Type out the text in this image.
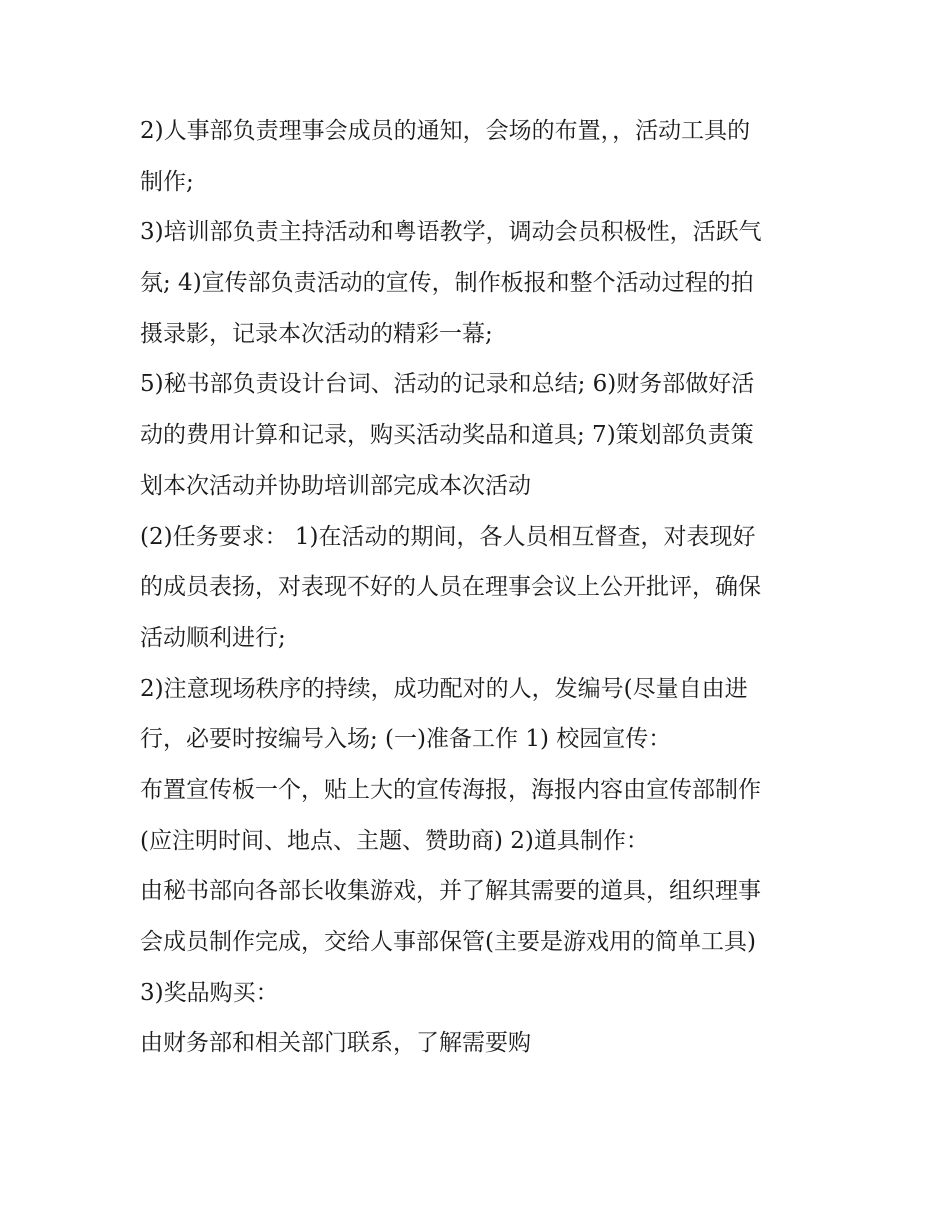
2)人事部负责理事会成员的通知，会场的布置，，活动工具的
制作;
3)培训部负责主持活动和粤语教学，调动会员积极性，活跃气
氛; 4)宣传部负责活动的宣传，制作板报和整个活动过程的拍
摄录影，记录本次活动的精彩一幕;
5)秘书部负责设计台词、活动的记录和总结; 6)财务部做好活
动的费用计算和记录，购买活动奖品和道具; 7)策划部负责策
划本次活动并协助培训部完成本次活动
(2)任务要求： 1)在活动的期间，各人员相互督查，对表现好
的成员表扬，对表现不好的人员在理事会议上公开批评，确保
活动顺利进行;
2)注意现场秩序的持续，成功配对的人，发编号(尽量自由进
行，必要时按编号入场; (一)准备工作 1) 校园宣传：
布置宣传板一个，贴上大的宣传海报，海报内容由宣传部制作
(应注明时间、地点、主题、赞助商) 2)道具制作：
由秘书部向各部长收集游戏，并了解其需要的道具，组织理事
会成员制作完成，交给人事部保管(主要是游戏用的简单工具)
3)奖品购买：
由财务部和相关部门联系，了解需要购
